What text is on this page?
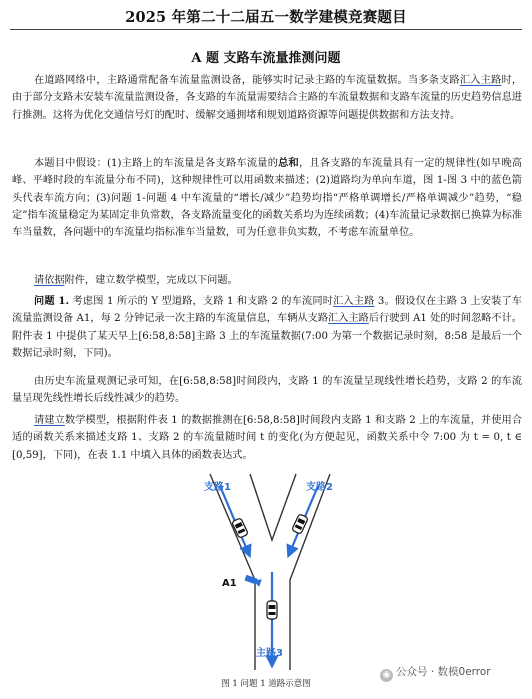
2025 年第二十二届五一数学建模竞赛题目
A 题 支路车流量推测问题

在道路网络中，主路通常配备车流量监测设备，能够实时记录主路的车流量数据。当多条支路汇入主路时，由于部分支路未安装车流量监测设备，各支路的车流量需要结合主路的车流量数据和支路车流量的历史趋势信息进行推测。这将为优化交通信号灯的配时、缓解交通拥堵和规划道路资源等问题提供数据和方法支持。

本题目中假设：(1)主路上的车流量是各支路车流量的总和，且各支路的车流量具有一定的规律性(如早晚高峰、平峰时段的车流量分布不同)，这种规律性可以用函数来描述；(2)道路均为单向车道，图 1-图 3 中的蓝色箭头代表车流方向；(3)问题 1-问题 4 中车流量的“增长/减少”趋势均指“严格单调增长/严格单调减少”趋势，“稳定”指车流量稳定为某固定非负常数，各支路流量变化的函数关系均为连续函数；(4)车流量记录数据已换算为标准车当量数，各问题中的车流量均指标准车当量数，可为任意非负实数，不考虑车流量单位。

请依据附件，建立数学模型，完成以下问题。

问题 1. 考虑图 1 所示的 Y 型道路，支路 1 和支路 2 的车流同时汇入主路 3。假设仅在主路 3 上安装了车流量监测设备 A1，每 2 分钟记录一次主路的车流量信息，车辆从支路汇入主路后行驶到 A1 处的时间忽略不计。附件表 1 中提供了某天早上[6:58,8:58]主路 3 上的车流量数据(7:00 为第一个数据记录时刻，8:58 是最后一个数据记录时刻，下同)。

由历史车流量观测记录可知，在[6:58,8:58]时间段内，支路 1 的车流量呈现线性增长趋势，支路 2 的车流量呈现先线性增长后线性减少的趋势。

请建立数学模型，根据附件表 1 的数据推测在[6:58,8:58]时间段内支路 1 和支路 2 上的车流量，并使用合适的函数关系来描述支路 1、支路 2 的车流量随时间 t 的变化(为方便起见，函数关系中令 7:00 为 t = 0, t ∈ [0,59]，下同)，在表 1.1 中填入具体的函数表达式。

支路1	支路2
A1
主路3
◉ 公众号 · 数模0error
图 1 问题 1 道路示意图
